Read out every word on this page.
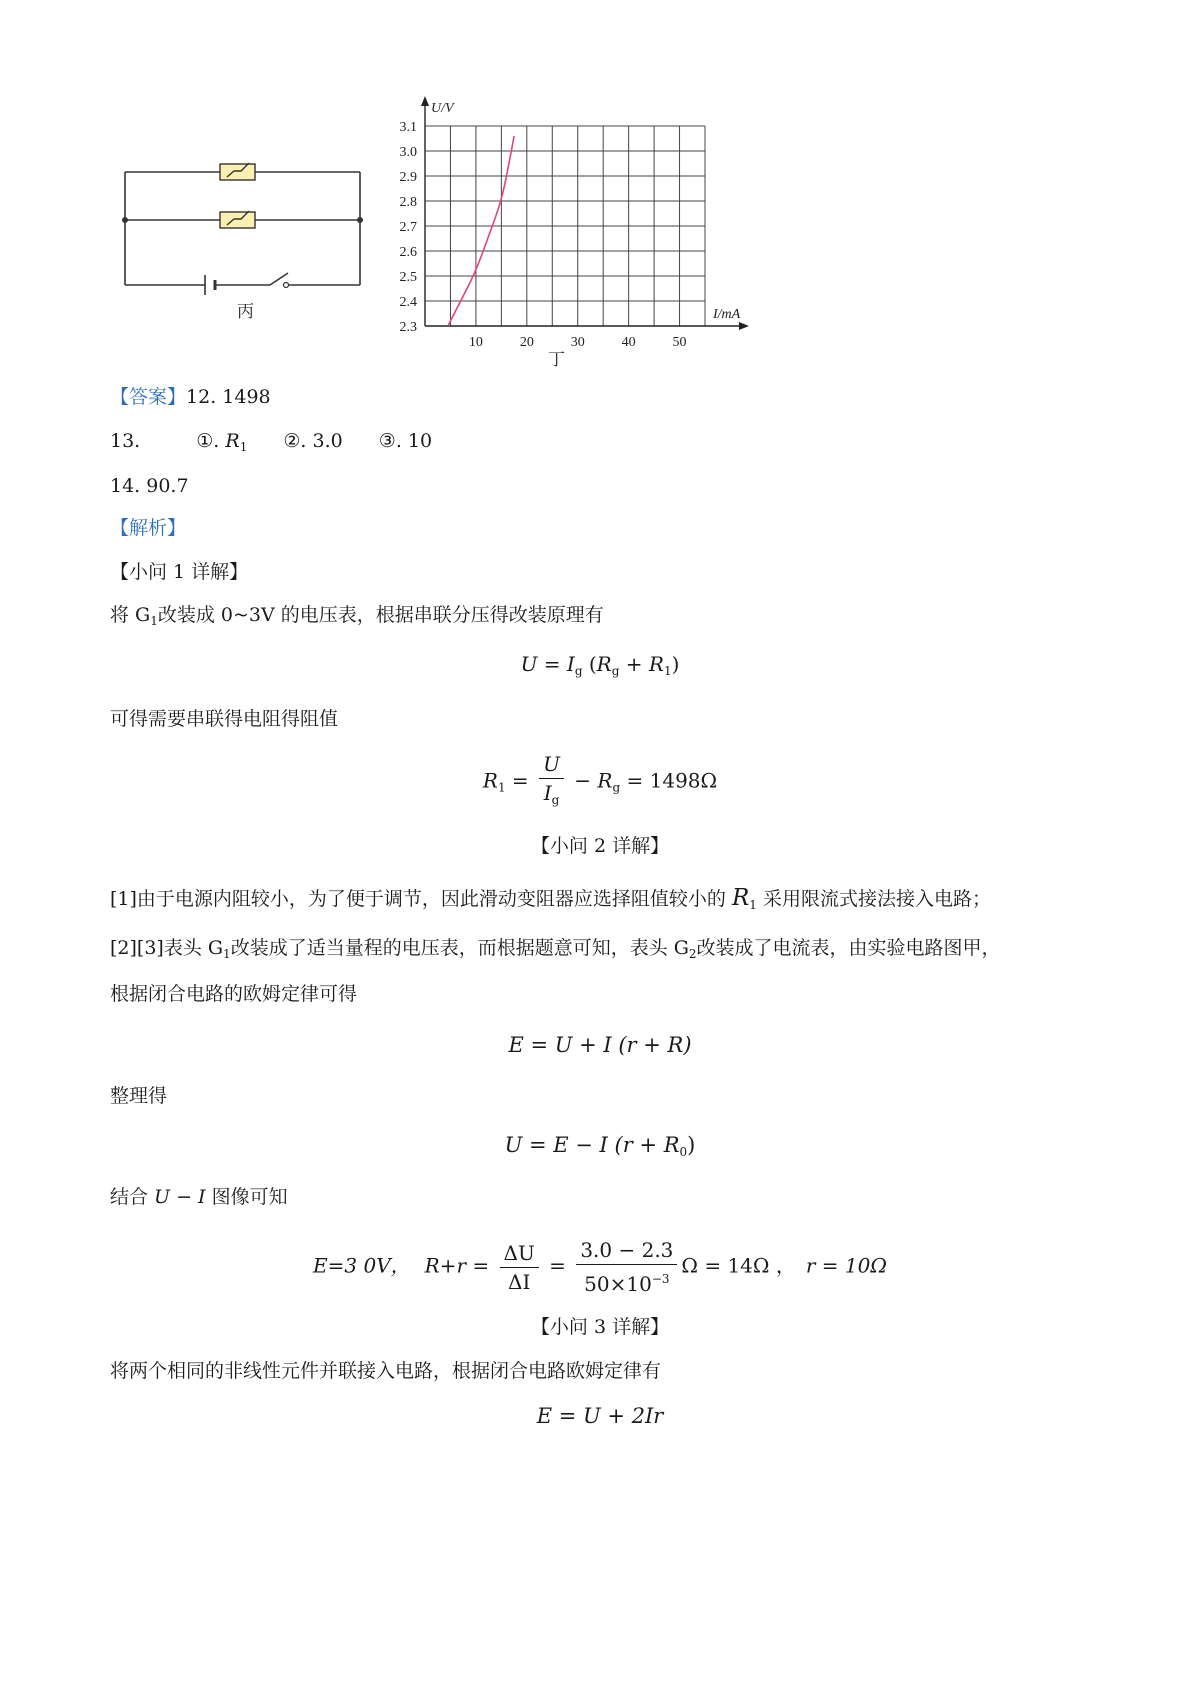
丙
2.3
2.4
2.5
2.6
2.7
2.8
2.9
3.0
3.1
10	20	30	40	50
U/V
I/mA
【答案】12. 1498
13.	①. $R_1$ ②. 3.0 ③. 10
14. 90.7
【解析】
【小问 1 详解】
将 $G_1$改装成 0~3V 的电压表，根据串联分压得改装原理有
$U = I_g$ $(R_g + R_1)$
可得需要串联得电阻得阻值
$R_1 = \frac{U}{I_g} - R_g = 1498\Omega$
【小问 2 详解】
[1]由于电源内阻较小，为了便于调节，因此滑动变阻器应选择阻值较小的 $R_1$ 采用限流式接法接入电路；
[2][3]表头 $G_1$改装成了适当量程的电压表，而根据题意可知，表头 $G_2$改装成了电流表，由实验电路图甲，
根据闭合电路的欧姆定律可得
E = U + I (r + R)
整理得
U = E − I $(r + R_0)$
结合 U − I 图像可知
E=3 0V， $R+r = \frac{\Delta U}{\Delta I} = \frac{3.0 - 2.3}{50\times 10^{-3}}$ Ω = 14Ω ， r = 10Ω
【小问 3 详解】
将两个相同的非线性元件并联接入电路，根据闭合电路欧姆定律有
E = U + 2Ir
丁
